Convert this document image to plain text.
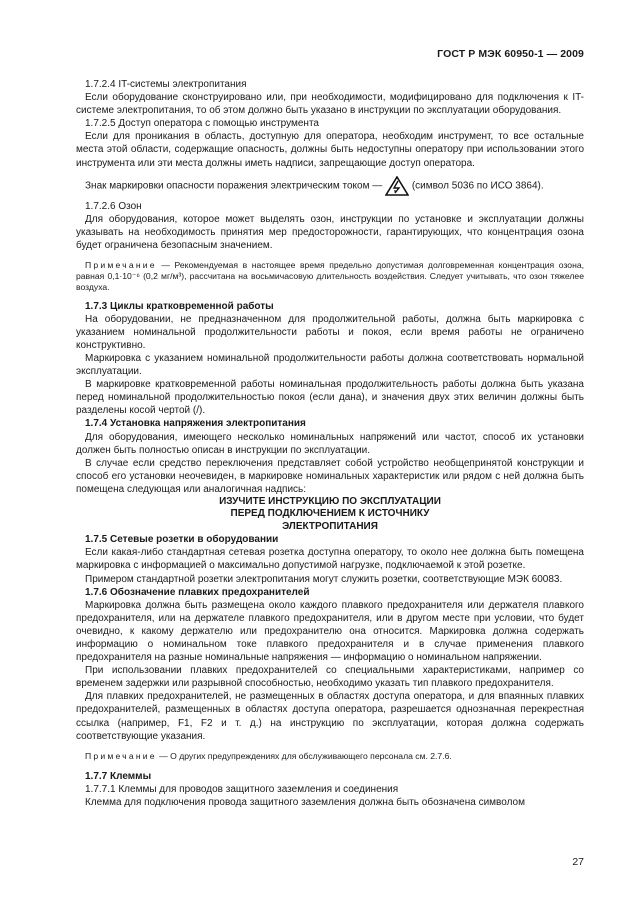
ГОСТ Р МЭК 60950-1 — 2009

1.7.2.4 IT-системы электропитания

Если оборудование сконструировано или, при необходимости, модифицировано для подключения к IT-системе электропитания, то об этом должно быть указано в инструкции по эксплуатации оборудования.

1.7.2.5 Доступ оператора с помощью инструмента

Если для проникания в область, доступную для оператора, необходим инструмент, то все остальные места этой области, содержащие опасность, должны быть недоступны оператору при использовании этого инструмента или эти места должны иметь надписи, запрещающие доступ оператора.

Знак маркировки опасности поражения электрическим током —	(символ 5036 по ИСО 3864).

1.7.2.6 Озон

Для оборудования, которое может выделять озон, инструкции по установке и эксплуатации должны указывать на необходимость принятия мер предосторожности, гарантирующих, что концентрация озона будет ограничена безопасным значением.

Примечание — Рекомендуемая в настоящее время предельно допустимая долговременная концентрация озона, равная 0,1·10⁻⁶ (0,2 мг/м³), рассчитана на восьмичасовую длительность воздействия. Следует учитывать, что озон тяжелее воздуха.

1.7.3 Циклы кратковременной работы

На оборудовании, не предназначенном для продолжительной работы, должна быть маркировка с указанием номинальной продолжительности работы и покоя, если время работы не ограничено конструктивно.

Маркировка с указанием номинальной продолжительности работы должна соответствовать нормальной эксплуатации.

В маркировке кратковременной работы номинальная продолжительность работы должна быть указана перед номинальной продолжительностью покоя (если дана), и значения двух этих величин должны быть разделены косой чертой (/).

1.7.4 Установка напряжения электропитания

Для оборудования, имеющего несколько номинальных напряжений или частот, способ их установки должен быть полностью описан в инструкции по эксплуатации.

В случае если средство переключения представляет собой устройство необщепринятой конструкции и способ его установки неочевиден, в маркировке номинальных характеристик или рядом с ней должна быть помещена следующая или аналогичная надпись:

ИЗУЧИТЕ ИНСТРУКЦИЮ ПО ЭКСПЛУАТАЦИИ
ПЕРЕД ПОДКЛЮЧЕНИЕМ К ИСТОЧНИКУ
ЭЛЕКТРОПИТАНИЯ

1.7.5 Сетевые розетки в оборудовании

Если какая-либо стандартная сетевая розетка доступна оператору, то около нее должна быть помещена маркировка с информацией о максимально допустимой нагрузке, подключаемой к этой розетке.

Примером стандартной розетки электропитания могут служить розетки, соответствующие МЭК 60083.

1.7.6 Обозначение плавких предохранителей

Маркировка должна быть размещена около каждого плавкого предохранителя или держателя плавкого предохранителя, или на держателе плавкого предохранителя, или в другом месте при условии, что будет очевидно, к какому держателю или предохранителю она относится. Маркировка должна содержать информацию о номинальном токе плавкого предохранителя и в случае применения плавкого предохранителя на разные номинальные напряжения — информацию о номинальном напряжении.

При использовании плавких предохранителей со специальными характеристиками, например со временем задержки или разрывной способностью, необходимо указать тип плавкого предохранителя.

Для плавких предохранителей, не размещенных в областях доступа оператора, и для впаянных плавких предохранителей, размещенных в областях доступа оператора, разрешается однозначная перекрестная ссылка (например, F1, F2 и т. д.) на инструкцию по эксплуатации, которая должна содержать соответствующие указания.

Примечание — О других предупреждениях для обслуживающего персонала см. 2.7.6.

1.7.7 Клеммы

1.7.7.1 Клеммы для проводов защитного заземления и соединения

Клемма для подключения провода защитного заземления должна быть обозначена символом

27
